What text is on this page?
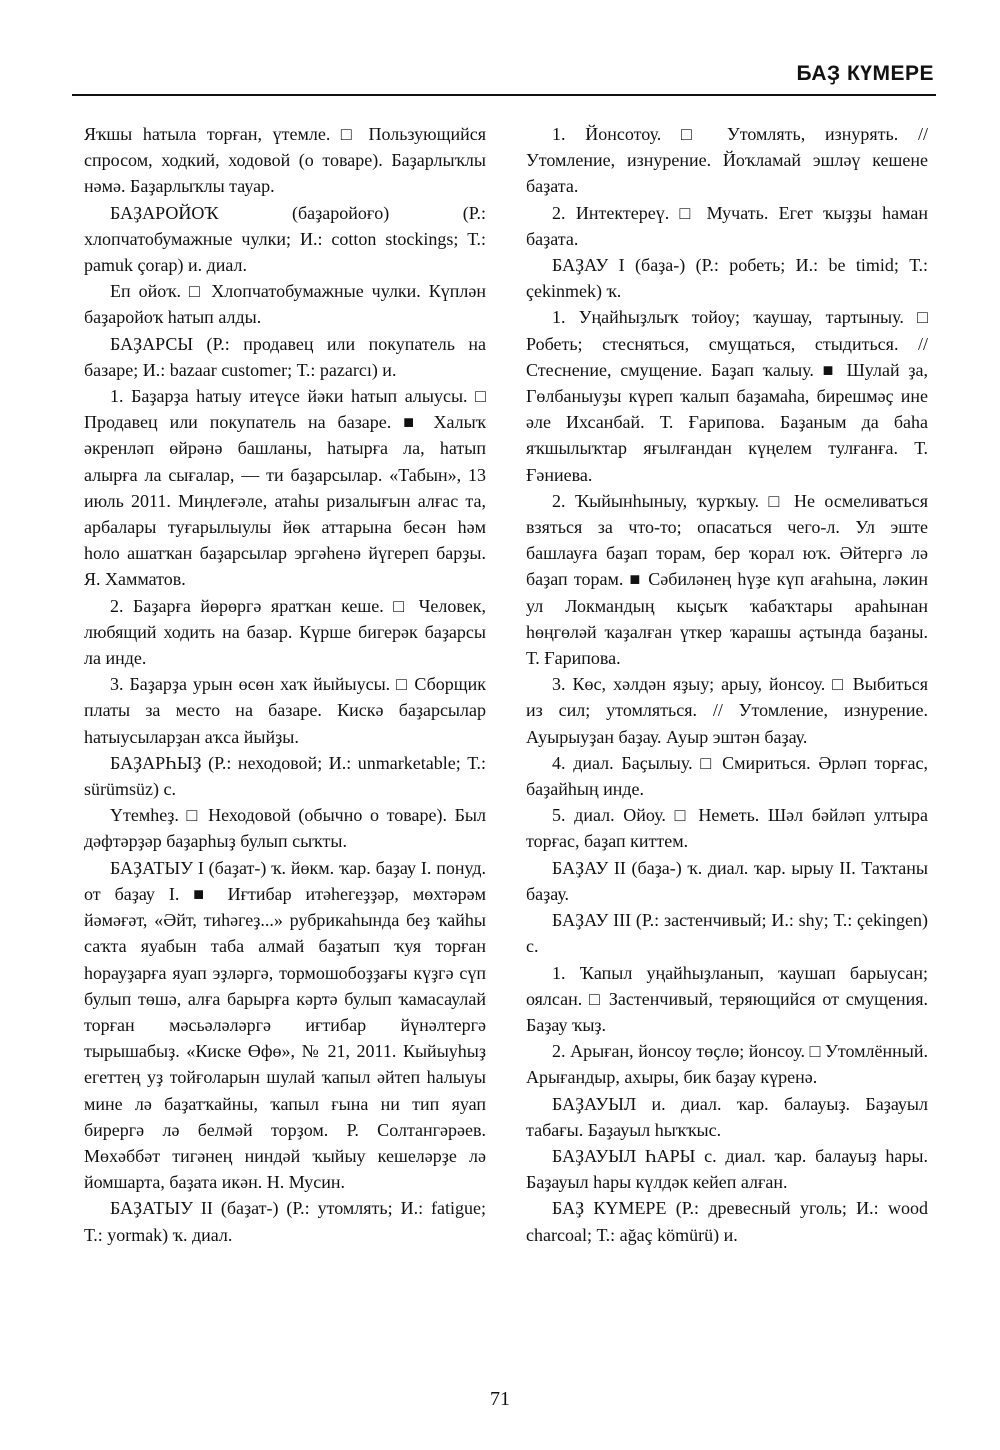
БАҘ КҮМЕРЕ

Яҡшы һатыла торған, үтемле. □ Пользующийся спросом, ходкий, ходовой (о товаре). Баҙарлыҡлы нәмә. Баҙарлыҡлы тауар.

БАҘАРОЙОҠ (баҙаройоғо) (Р.: хлопчатобумажные чулки; И.: cotton stockings; Т.: pamuk çorap) и. диал.

Еп ойоҡ. □ Хлопчатобумажные чулки. Күплән баҙаройоҡ һатып алды.

БАҘАРСЫ (Р.: продавец или покупатель на базаре; И.: bazaar customer; Т.: pazarcı) и.

1. Баҙарҙа һатыу итеүсе йәки һатып алыусы. □ Продавец или покупатель на базаре. ■ Халыҡ әкренләп өйрәнә башланы, һатырға ла, һатып алырға ла сығалар, — ти баҙарсылар. «Табын», 13 июль 2011. Миңлеғәле, атаһы ризалығын алғас та, арбалары туғарылыулы йөк аттарына бесән һәм һоло ашатҡан баҙарсылар эргәһенә йүгереп барҙы. Я. Хамматов.

2. Баҙарға йөрөргә яратҡан кеше. □ Человек, любящий ходить на базар. Күрше бигерәк баҙарсы ла инде.

3. Баҙарҙа урын өсөн хаҡ йыйыусы. □ Сборщик платы за место на базаре. Кискә баҙарсылар һатыусыларҙан аҡса йыйҙы.

БАҘАРҺЫҘ (Р.: неходовой; И.: unmarketable; Т.: sürümsüz) с.

Үтемһеҙ. □ Неходовой (обычно о товаре). Был дәфтәрҙәр баҙарһыҙ булып сыҡты.

БАҘАТЫУ I (баҙат-) ҡ. йөкм. ҡар. баҙау I. понуд. от баҙау I. ■ Иғтибар итәһегеҙҙәр, мөхтәрәм йәмәғәт, «Әйт, тиһәгеҙ...» рубрикаһында беҙ ҡайһы саҡта яуабын таба алмай баҙатып ҡуя торған һорауҙарға яуап эҙләргә, тормошобоҙҙағы күҙгә сүп булып төшә, алға барырға кәртә булып ҡамасаулай торған мәсьәләләргә иғтибар йүнәлтергә тырышабыҙ. «Киске Өфө», № 21, 2011. Кыйыуһыҙ егеттең уҙ тойғоларын шулай ҡапыл әйтеп һалыуы мине лә баҙатҡайны, ҡапыл ғына ни тип яуап бирергә лә белмәй торҙом. Р. Солтангәрәев. Мөхәббәт тигәнең ниндәй ҡыйыу кешеләрҙе лә йомшарта, баҙата икән. Н. Мусин.

БАҘАТЫУ II (баҙат-) (Р.: утомлять; И.: fatigue; Т.: yormak) ҡ. диал.

1. Йонсотоу. □ Утомлять, изнурять. // Утомление, изнурение. Йоҡламай эшләү кешене баҙата.

2. Интектереү. □ Мучать. Егет ҡыҙҙы һаман баҙата.

БАҘАУ I (баҙа-) (Р.: робеть; И.: be timid; Т.: çekinmek) ҡ.

1. Уңайһыҙлыҡ тойоу; ҡаушау, тартыныу. □ Робеть; стесняться, смущаться, стыдиться. // Стеснение, смущение. Баҙап ҡалыу. ■ Шулай ҙа, Гөлбаныуҙы күреп ҡалып баҙамаһа, бирешмәҫ ине әле Ихсанбай. Т. Ғарипова. Баҙаным да баһа яҡшылыҡтар яғылғандан күңелем тулғанға. Т. Ғәниева.

2. Ҡыйынһыныу, ҡурҡыу. □ Не осмеливаться взяться за что-то; опасаться чего-л. Ул эште башлауға баҙап торам, бер ҡорал юҡ. Әйтергә лә баҙап торам. ■ Сәбиләнең һүҙе күп ағаһына, ләкин ул Локмандың кыҫыҡ ҡабаҡтары араһынан һөңгөләй ҡаҙалған үткер ҡарашы аҫтында баҙаны. Т. Ғарипова.

3. Көс, хәлдән яҙыу; арыу, йонсоу. □ Выбиться из сил; утомляться. // Утомление, изнурение. Ауырыуҙан баҙау. Ауыр эштән баҙау.

4. диал. Баҫылыу. □ Смириться. Әрләп торғас, баҙайһың инде.

5. диал. Ойоу. □ Неметь. Шәл бәйләп ултыра торғас, баҙап киттем.

БАҘАУ II (баҙа-) ҡ. диал. ҡар. ырыу II. Таҡтаны баҙау.

БАҘАУ III (Р.: застенчивый; И.: shy; Т.: çekingen) с.

1. Ҡапыл уңайһыҙланып, ҡаушап барыусан; оялсан. □ Застенчивый, теряющийся от смущения. Баҙау ҡыҙ.

2. Арыған, йонсоу төҫлө; йонсоу. □ Утомлённый. Арығандыр, ахыры, бик баҙау күренә.

БАҘАУЫЛ и. диал. ҡар. балауыҙ. Баҙауыл табағы. Баҙауыл һыҡҡыс.

БАҘАУЫЛ ҺАРЫ с. диал. ҡар. балауыҙ һары. Баҙауыл һары күлдәк кейеп алған.

БАҘ КҮМЕРЕ (Р.: древесный уголь; И.: wood charcoal; Т.: ağaç kömürü) и.

71
